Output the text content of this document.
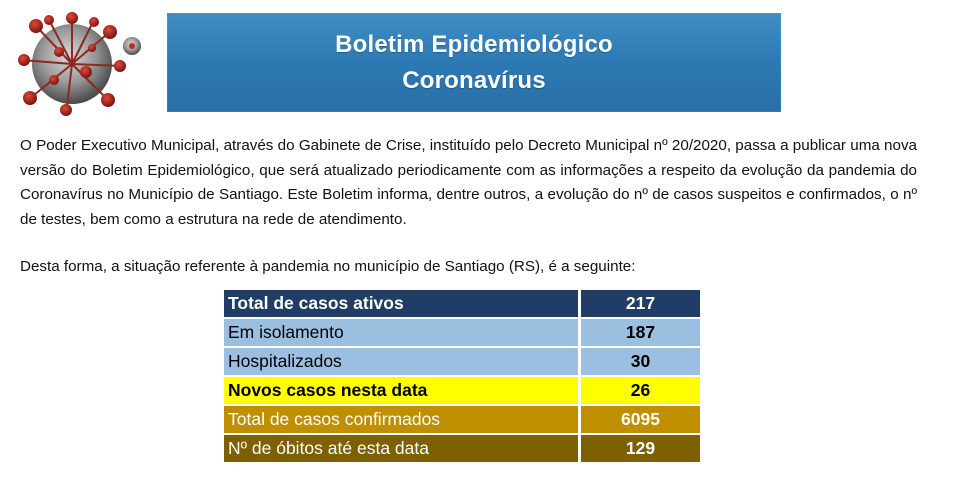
Boletim Epidemiológico
Coronavírus

O Poder Executivo Municipal, através do Gabinete de Crise, instituído pelo Decreto Municipal nº 20/2020, passa a publicar uma nova versão do Boletim Epidemiológico, que será atualizado periodicamente com as informações a respeito da evolução da pandemia do Coronavírus no Município de Santiago. Este Boletim informa, dentre outros, a evolução do nº de casos suspeitos e confirmados, o nº de testes, bem como a estrutura na rede de atendimento.

Desta forma, a situação referente à pandemia no município de Santiago (RS), é a seguinte:

Total de casos ativos	217
Em isolamento	187
Hospitalizados	30
Novos casos nesta data	26
Total de casos confirmados	6095
Nº de óbitos até esta data	129
